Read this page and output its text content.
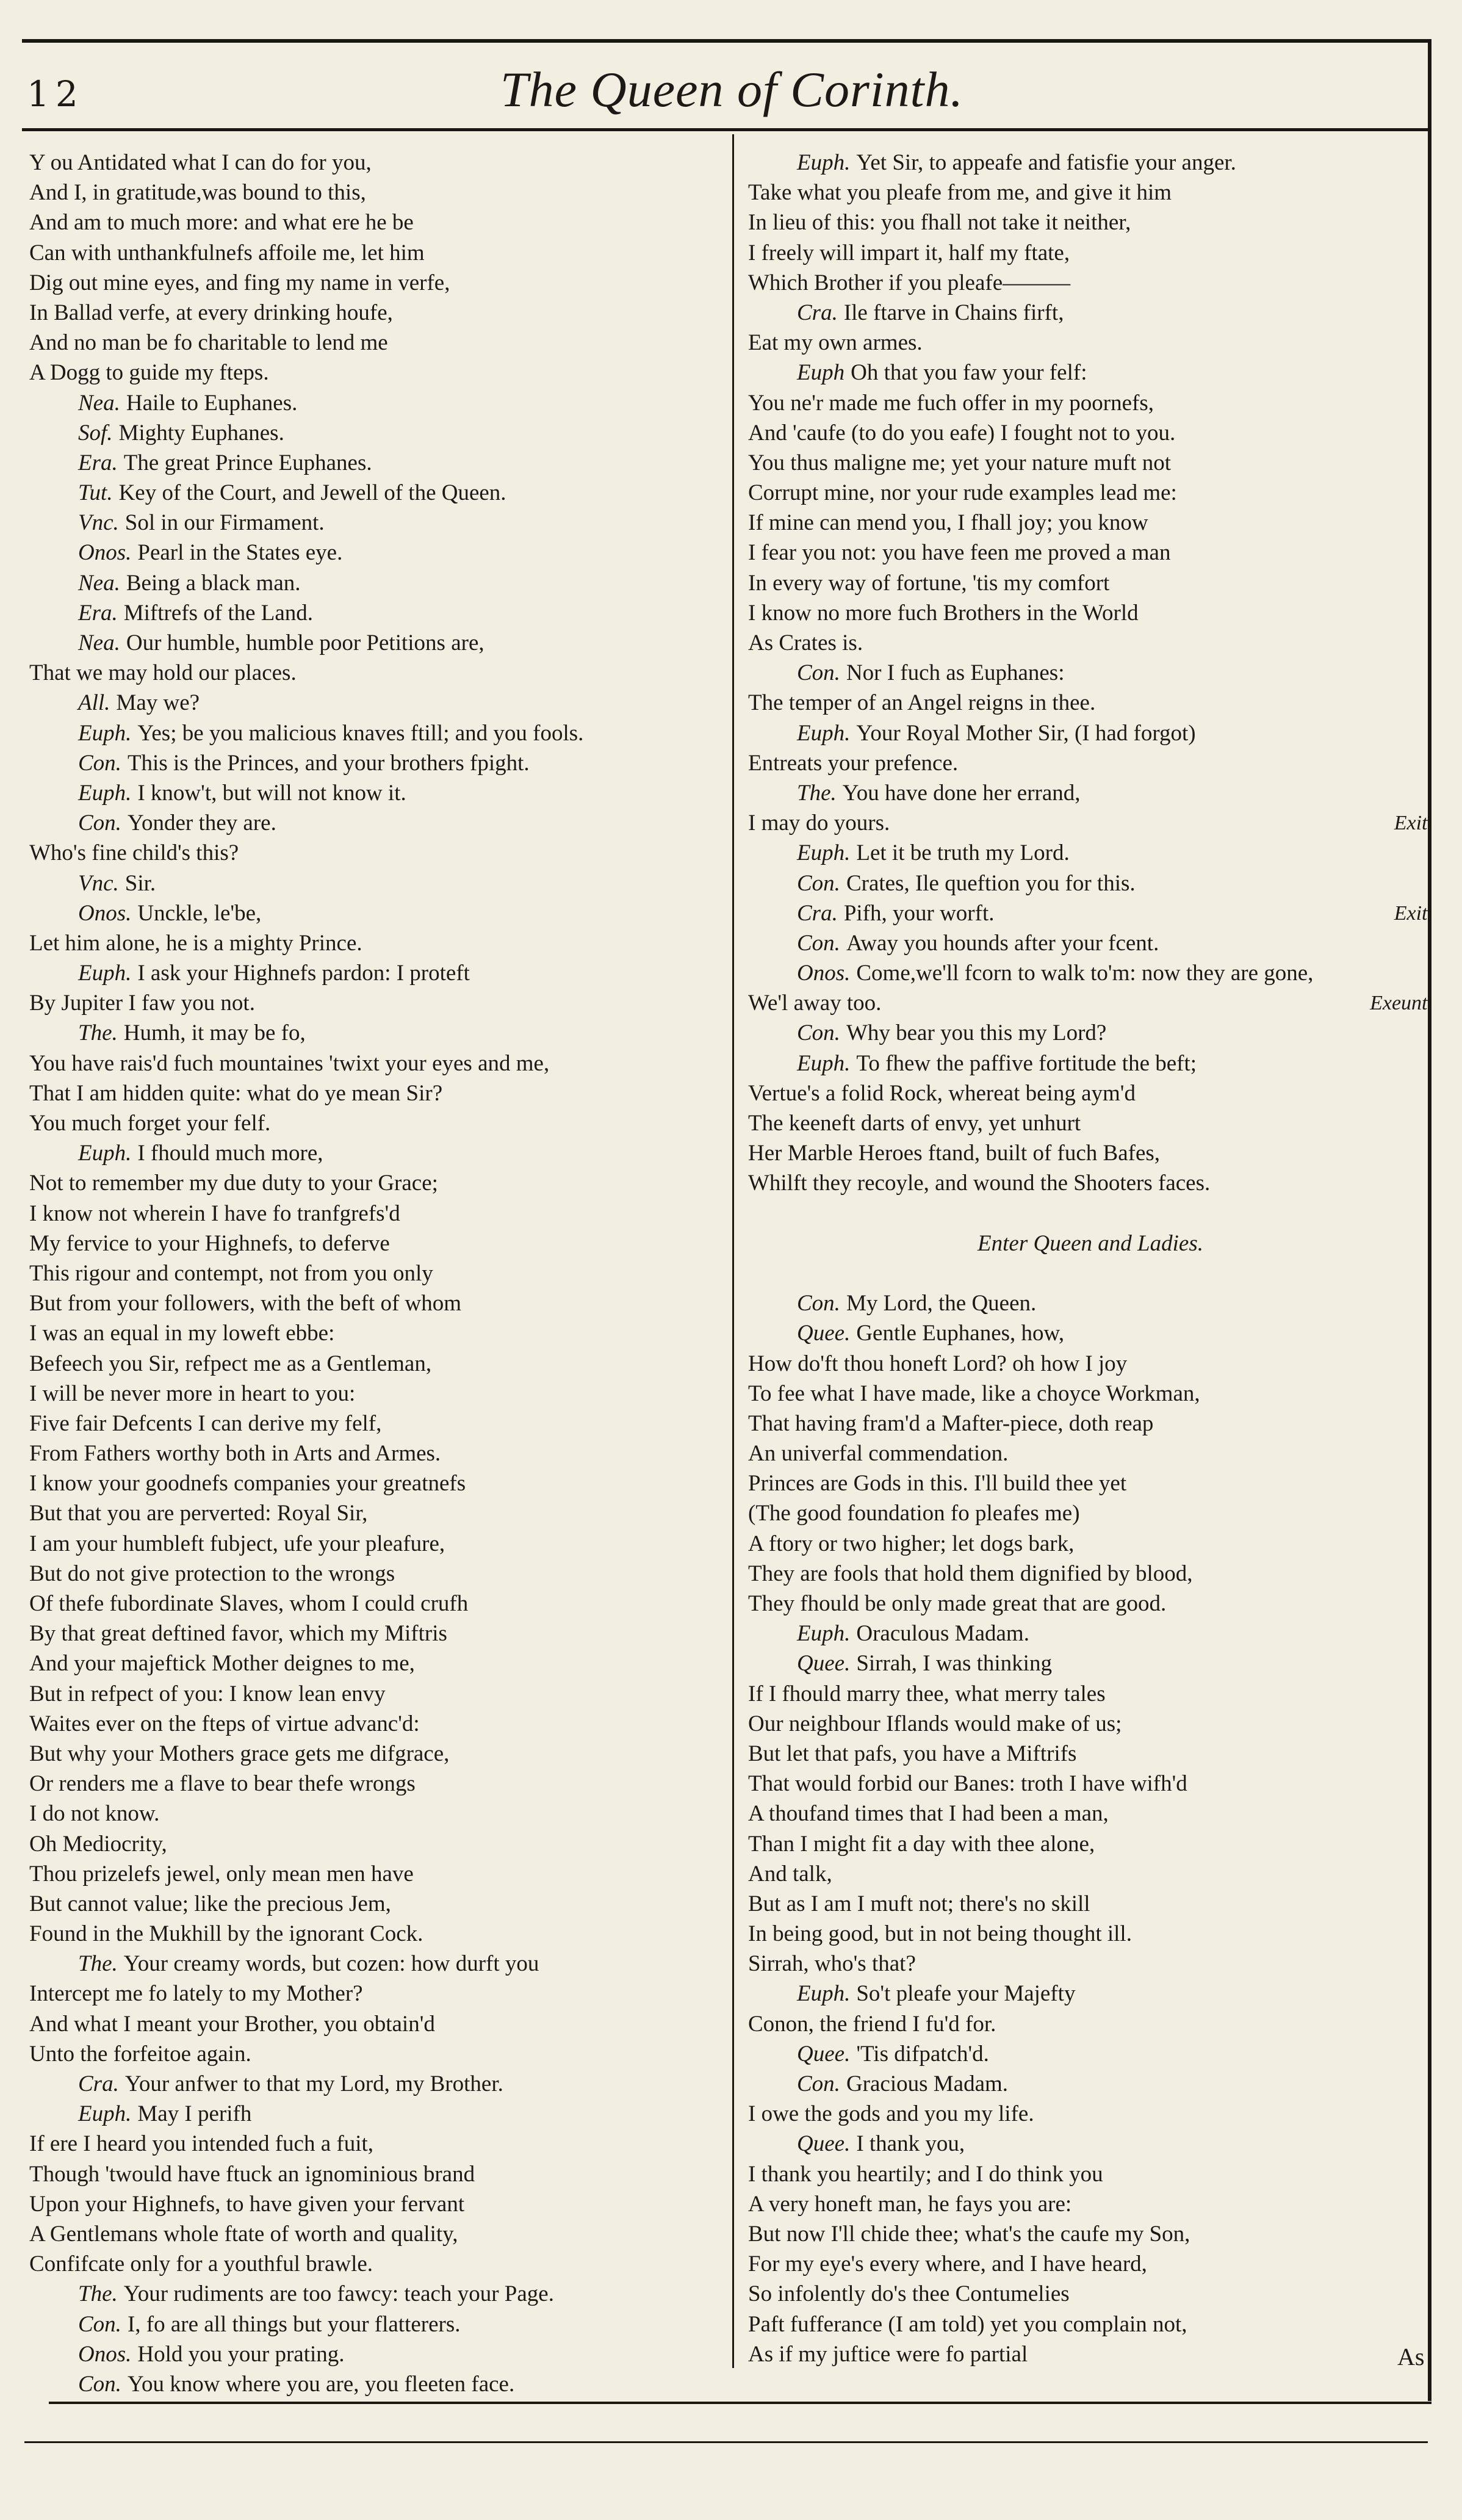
12	The Queen of Corinth.
Y ou Antidated what I can do for you,
And I, in gratitude,was bound to this,
And am to much more: and what ere he be
Can with unthankfulnefs affoile me, let him
Dig out mine eyes, and fing my name in verfe,
In Ballad verfe, at every drinking houfe,
And no man be fo charitable to lend me
A Dogg to guide my fteps.
Nea. Haile to Euphanes.
Sof. Mighty Euphanes.
Era. The great Prince Euphanes.
Tut. Key of the Court, and Jewell of the Queen.
Vnc. Sol in our Firmament.
Onos. Pearl in the States eye.
Nea. Being a black man.
Era. Miftrefs of the Land.
Nea. Our humble, humble poor Petitions are,
That we may hold our places.
All. May we?
Euph. Yes; be you malicious knaves ftill; and you fools.
Con. This is the Princes, and your brothers fpight.
Euph. I know't, but will not know it.
Con. Yonder they are.
Who's fine child's this?
Vnc. Sir.
Onos. Unckle, le'be,
Let him alone, he is a mighty Prince.
Euph. I ask your Highnefs pardon: I proteft
By Jupiter I faw you not.
The. Humh, it may be fo,
You have rais'd fuch mountaines 'twixt your eyes and me,
That I am hidden quite: what do ye mean Sir?
You much forget your felf.
Euph. I fhould much more,
Not to remember my due duty to your Grace;
I know not wherein I have fo tranfgrefs'd
My fervice to your Highnefs, to deferve
This rigour and contempt, not from you only
But from your followers, with the beft of whom
I was an equal in my loweft ebbe:
Befeech you Sir, refpect me as a Gentleman,
I will be never more in heart to you:
Five fair Defcents I can derive my felf,
From Fathers worthy both in Arts and Armes.
I know your goodnefs companies your greatnefs
But that you are perverted: Royal Sir,
I am your humbleft fubject, ufe your pleafure,
But do not give protection to the wrongs
Of thefe fubordinate Slaves, whom I could crufh
By that great deftined favor, which my Miftris
And your majeftick Mother deignes to me,
But in refpect of you: I know lean envy
Waites ever on the fteps of virtue advanc'd:
But why your Mothers grace gets me difgrace,
Or renders me a flave to bear thefe wrongs
I do not know.
Oh Mediocrity,
Thou prizelefs jewel, only mean men have
But cannot value; like the precious Jem,
Found in the Mukhill by the ignorant Cock.
The. Your creamy words, but cozen: how durft you
Intercept me fo lately to my Mother?
And what I meant your Brother, you obtain'd
Unto the forfeitoe again.
Cra. Your anfwer to that my Lord, my Brother.
Euph. May I perifh
If ere I heard you intended fuch a fuit,
Though 'twould have ftuck an ignominious brand
Upon your Highnefs, to have given your fervant
A Gentlemans whole ftate of worth and quality,
Confifcate only for a youthful brawle.
The. Your rudiments are too fawcy: teach your Page.
Con. I, fo are all things but your flatterers.
Onos. Hold you your prating.
Con. You know where you are, you fleeten face.
Euph. Yet Sir, to appeafe and fatisfie your anger.
Take what you pleafe from me, and give it him
In lieu of this: you fhall not take it neither,
I freely will impart it, half my ftate,
Which Brother if you pleafe———
Cra. Ile ftarve in Chains firft,
Eat my own armes.
Euph Oh that you faw your felf:
You ne'r made me fuch offer in my poornefs,
And 'caufe (to do you eafe) I fought not to you.
You thus maligne me; yet your nature muft not
Corrupt mine, nor your rude examples lead me:
If mine can mend you, I fhall joy; you know
I fear you not: you have feen me proved a man
In every way of fortune, 'tis my comfort
I know no more fuch Brothers in the World
As Crates is.
Con. Nor I fuch as Euphanes:
The temper of an Angel reigns in thee.
Euph. Your Royal Mother Sir, (I had forgot)
Entreats your prefence.
The. You have done her errand,
I may do yours.	Exit.
Euph. Let it be truth my Lord.
Con. Crates, Ile queftion you for this.
Cra. Pifh, your worft.	Exit.
Con. Away you hounds after your fcent.
Onos. Come,we'll fcorn to walk to'm: now they are gone,
We'l away too.	Exeunt.
Con. Why bear you this my Lord?
Euph. To fhew the paffive fortitude the beft;
Vertue's a folid Rock, whereat being aym'd
The keeneft darts of envy, yet unhurt
Her Marble Heroes ftand, built of fuch Bafes,
Whilft they recoyle, and wound the Shooters faces.
Enter Queen and Ladies.
Con. My Lord, the Queen.
Quee. Gentle Euphanes, how,
How do'ft thou honeft Lord? oh how I joy
To fee what I have made, like a choyce Workman,
That having fram'd a Mafter-piece, doth reap
An univerfal commendation.
Princes are Gods in this. I'll build thee yet
(The good foundation fo pleafes me)
A ftory or two higher; let dogs bark,
They are fools that hold them dignified by blood,
They fhould be only made great that are good.
Euph. Oraculous Madam.
Quee. Sirrah, I was thinking
If I fhould marry thee, what merry tales
Our neighbour Iflands would make of us;
But let that pafs, you have a Miftrifs
That would forbid our Banes: troth I have wifh'd
A thoufand times that I had been a man,
Than I might fit a day with thee alone,
And talk,
But as I am I muft not; there's no skill
In being good, but in not being thought ill.
Sirrah, who's that?
Euph. So't pleafe your Majefty
Conon, the friend I fu'd for.
Quee. 'Tis difpatch'd.
Con. Gracious Madam.
I owe the gods and you my life.
Quee. I thank you,
I thank you heartily; and I do think you
A very honeft man, he fays you are:
But now I'll chide thee; what's the caufe my Son,
For my eye's every where, and I have heard,
So infolently do's thee Contumelies
Paft fufferance (I am told) yet you complain not,
As if my juftice were fo partial	As
